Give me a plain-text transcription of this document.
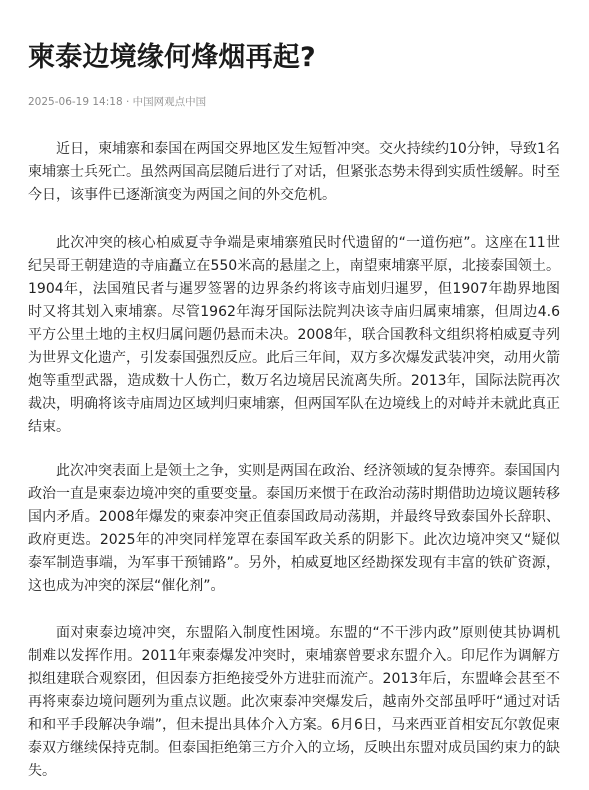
柬泰边境缘何烽烟再起?
2025-06-19 14:18 · 中国网观点中国

近日，柬埔寨和泰国在两国交界地区发生短暂冲突。交火持续约10分钟，导致1名柬埔寨士兵死亡。虽然两国高层随后进行了对话，但紧张态势未得到实质性缓解。时至今日，该事件已逐渐演变为两国之间的外交危机。

此次冲突的核心柏威夏寺争端是柬埔寨殖民时代遗留的“一道伤疤”。这座在11世纪吴哥王朝建造的寺庙矗立在550米高的悬崖之上，南望柬埔寨平原，北接泰国领土。1904年，法国殖民者与暹罗签署的边界条约将该寺庙划归暹罗，但1907年勘界地图时又将其划入柬埔寨。尽管1962年海牙国际法院判决该寺庙归属柬埔寨，但周边4.6平方公里土地的主权归属问题仍悬而未决。2008年，联合国教科文组织将柏威夏寺列为世界文化遗产，引发泰国强烈反应。此后三年间，双方多次爆发武装冲突，动用火箭炮等重型武器，造成数十人伤亡，数万名边境居民流离失所。2013年，国际法院再次裁决，明确将该寺庙周边区域判归柬埔寨，但两国军队在边境线上的对峙并未就此真正结束。

此次冲突表面上是领土之争，实则是两国在政治、经济领域的复杂博弈。泰国国内政治一直是柬泰边境冲突的重要变量。泰国历来惯于在政治动荡时期借助边境议题转移国内矛盾。2008年爆发的柬泰冲突正值泰国政局动荡期，并最终导致泰国外长辞职、政府更迭。2025年的冲突同样笼罩在泰国军政关系的阴影下。此次边境冲突又“疑似泰军制造事端，为军事干预铺路”。另外，柏威夏地区经勘探发现有丰富的铁矿资源，这也成为冲突的深层“催化剂”。

面对柬泰边境冲突，东盟陷入制度性困境。东盟的“不干涉内政”原则使其协调机制难以发挥作用。2011年柬泰爆发冲突时，柬埔寨曾要求东盟介入。印尼作为调解方拟组建联合观察团，但因泰方拒绝接受外方进驻而流产。2013年后，东盟峰会甚至不再将柬泰边境问题列为重点议题。此次柬泰冲突爆发后，越南外交部虽呼吁“通过对话和和平手段解决争端”，但未提出具体介入方案。6月6日，马来西亚首相安瓦尔敦促柬泰双方继续保持克制。但泰国拒绝第三方介入的立场，反映出东盟对成员国约束力的缺失。
